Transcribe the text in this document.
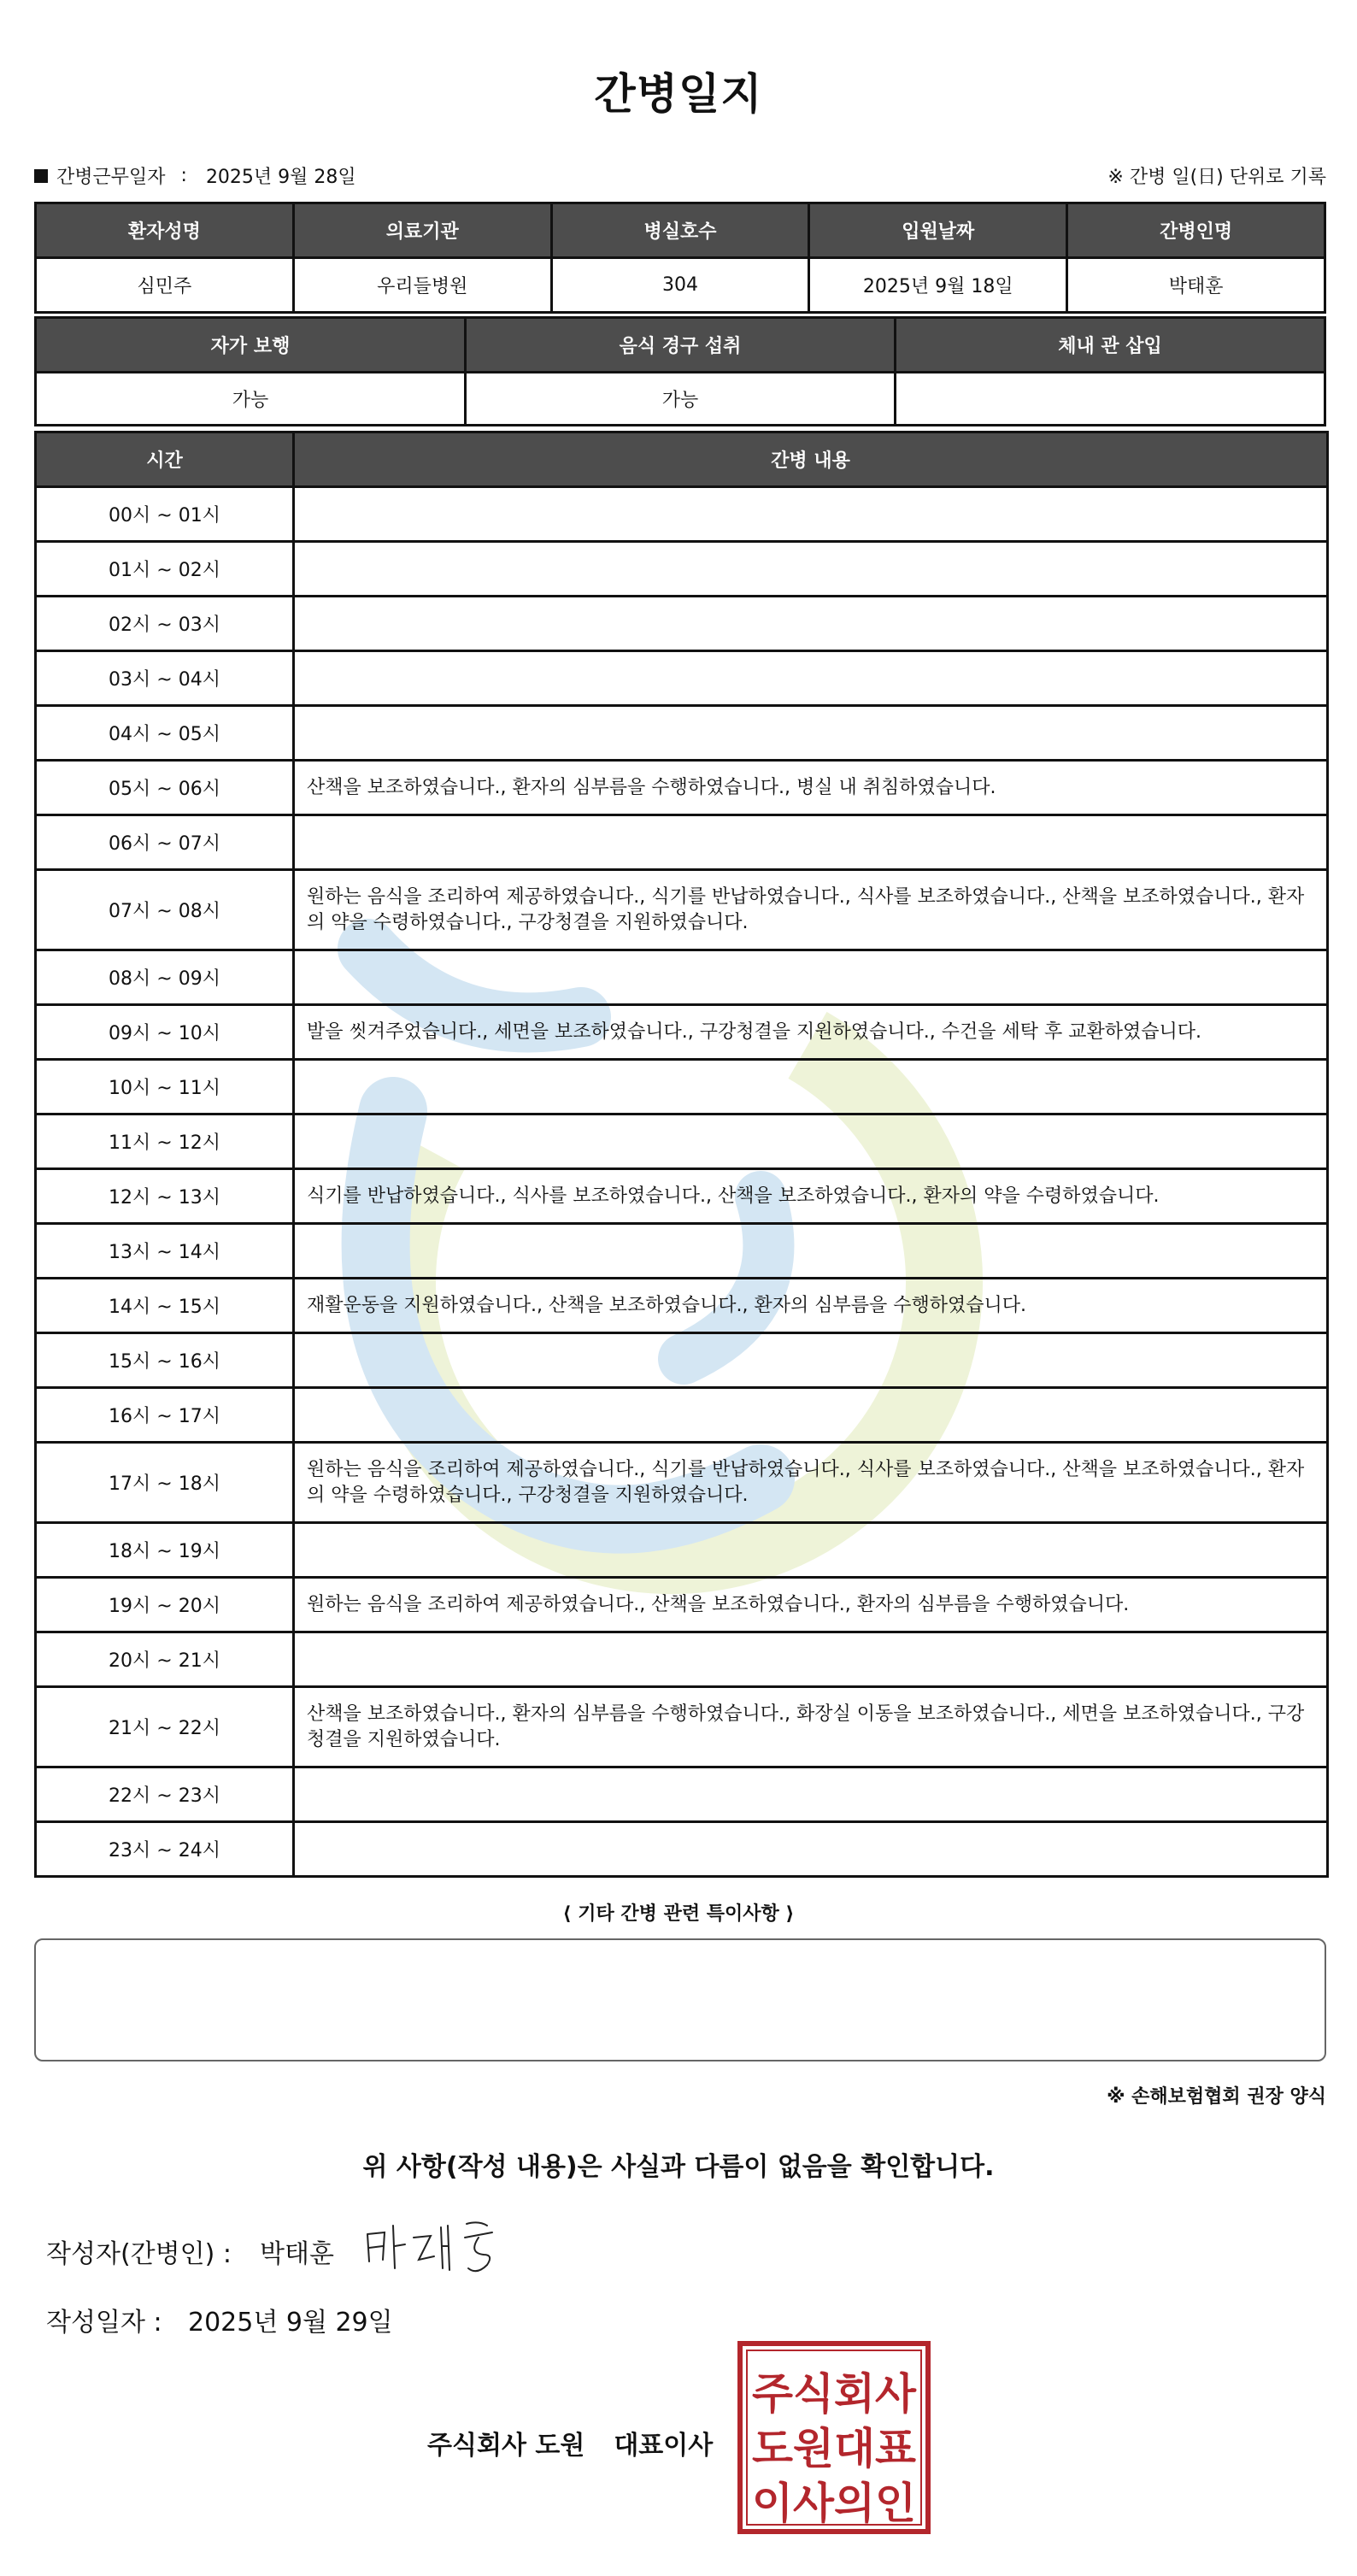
간병일지
간병근무일자 : 2025년 9월 28일	※ 간병 일(日) 단위로 기록
환자성명	의료기관	병실호수	입원날짜	간병인명
심민주	우리들병원	304	2025년 9월 18일	박태훈
자가 보행	음식 경구 섭취	체내 관 삽입
가능	가능	
시간	간병 내용
00시 ~ 01시	
01시 ~ 02시	
02시 ~ 03시	
03시 ~ 04시	
04시 ~ 05시	
05시 ~ 06시	산책을 보조하였습니다., 환자의 심부름을 수행하였습니다., 병실 내 취침하였습니다.
06시 ~ 07시	
07시 ~ 08시	원하는 음식을 조리하여 제공하였습니다., 식기를 반납하였습니다., 식사를 보조하였습니다., 산책을 보조하였습니다., 환자의 약을 수령하였습니다., 구강청결을 지원하였습니다.
08시 ~ 09시	
09시 ~ 10시	발을 씻겨주었습니다., 세면을 보조하였습니다., 구강청결을 지원하였습니다., 수건을 세탁 후 교환하였습니다.
10시 ~ 11시	
11시 ~ 12시	
12시 ~ 13시	식기를 반납하였습니다., 식사를 보조하였습니다., 산책을 보조하였습니다., 환자의 약을 수령하였습니다.
13시 ~ 14시	
14시 ~ 15시	재활운동을 지원하였습니다., 산책을 보조하였습니다., 환자의 심부름을 수행하였습니다.
15시 ~ 16시	
16시 ~ 17시	
17시 ~ 18시	원하는 음식을 조리하여 제공하였습니다., 식기를 반납하였습니다., 식사를 보조하였습니다., 산책을 보조하였습니다., 환자의 약을 수령하였습니다., 구강청결을 지원하였습니다.
18시 ~ 19시	
19시 ~ 20시	원하는 음식을 조리하여 제공하였습니다., 산책을 보조하였습니다., 환자의 심부름을 수행하였습니다.
20시 ~ 21시	
21시 ~ 22시	산책을 보조하였습니다., 환자의 심부름을 수행하였습니다., 화장실 이동을 보조하였습니다., 세면을 보조하였습니다., 구강청결을 지원하였습니다.
22시 ~ 23시	
23시 ~ 24시	
⟨ 기타 간병 관련 특이사항 ⟩
※ 손해보험협회 권장 양식
위 사항(작성 내용)은 사실과 다름이 없음을 확인합니다.
작성자(간병인) :	박태훈
작성일자 :	2025년 9월 29일
주식회사 도원 대표이사
주식회사
도원대표
이사의인
